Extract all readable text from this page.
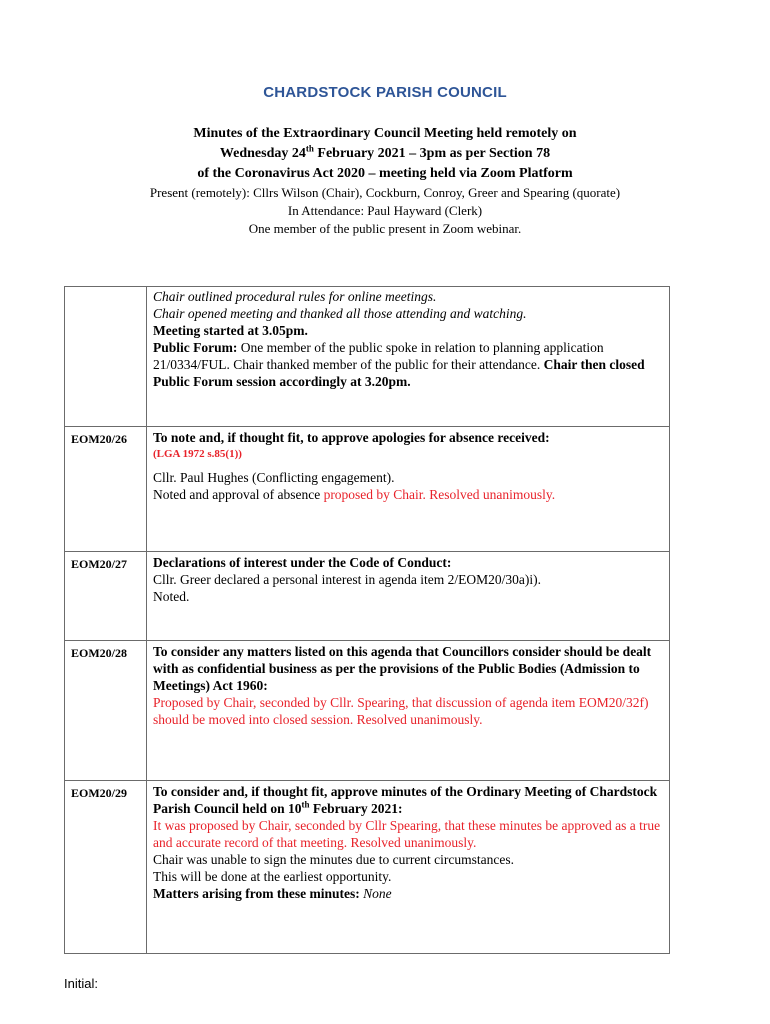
CHARDSTOCK PARISH COUNCIL
Minutes of the Extraordinary Council Meeting held remotely on
Wednesday 24th February 2021 – 3pm as per Section 78
of the Coronavirus Act 2020 – meeting held via Zoom Platform
Present (remotely): Cllrs Wilson (Chair), Cockburn, Conroy, Greer and Spearing (quorate)
In Attendance: Paul Hayward (Clerk)
One member of the public present in Zoom webinar.

	Chair outlined procedural rules for online meetings.

Chair opened meeting and thanked all those attending and watching.

Meeting started at 3.05pm.

Public Forum: One member of the public spoke in relation to planning application 21/0334/FUL. Chair thanked member of the public for their attendance. Chair then closed Public Forum session accordingly at 3.20pm.

EOM20/26	To note and, if thought fit, to approve apologies for absence received:

(LGA 1972 s.85(1))

Cllr. Paul Hughes (Conflicting engagement).

Noted and approval of absence proposed by Chair. Resolved unanimously.

EOM20/27	Declarations of interest under the Code of Conduct:

Cllr. Greer declared a personal interest in agenda item 2/EOM20/30a)i).

Noted.

EOM20/28	To consider any matters listed on this agenda that Councillors consider should be dealt with as confidential business as per the provisions of the Public Bodies (Admission to Meetings) Act 1960:

Proposed by Chair, seconded by Cllr. Spearing, that discussion of agenda item EOM20/32f) should be moved into closed session. Resolved unanimously.

EOM20/29	To consider and, if thought fit, approve minutes of the Ordinary Meeting of Chardstock Parish Council held on 10th February 2021:

It was proposed by Chair, seconded by Cllr Spearing, that these minutes be approved as a true and accurate record of that meeting. Resolved unanimously.

Chair was unable to sign the minutes due to current circumstances.

This will be done at the earliest opportunity.

Matters arising from these minutes: None

Initial:
